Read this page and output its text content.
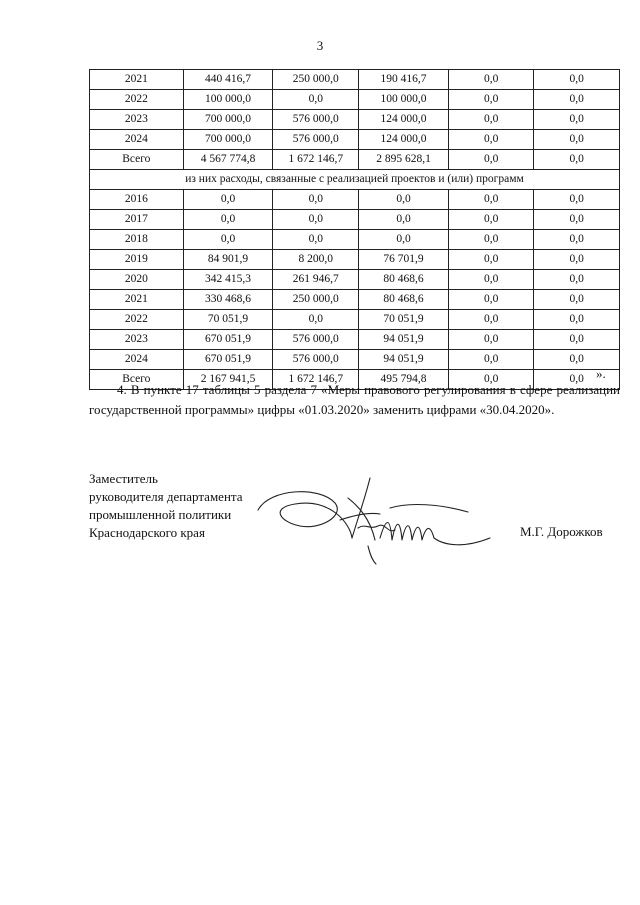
3
2021	440 416,7	250 000,0	190 416,7	0,0	0,0
2022	100 000,0	0,0	100 000,0	0,0	0,0
2023	700 000,0	576 000,0	124 000,0	0,0	0,0
2024	700 000,0	576 000,0	124 000,0	0,0	0,0
Всего	4 567 774,8	1 672 146,7	2 895 628,1	0,0	0,0
из них расходы, связанные с реализацией проектов и (или) программ					
2016	0,0	0,0	0,0	0,0	0,0
2017	0,0	0,0	0,0	0,0	0,0
2018	0,0	0,0	0,0	0,0	0,0
2019	84 901,9	8 200,0	76 701,9	0,0	0,0
2020	342 415,3	261 946,7	80 468,6	0,0	0,0
2021	330 468,6	250 000,0	80 468,6	0,0	0,0
2022	70 051,9	0,0	70 051,9	0,0	0,0
2023	670 051,9	576 000,0	94 051,9	0,0	0,0
2024	670 051,9	576 000,0	94 051,9	0,0	0,0
Всего	2 167 941,5	1 672 146,7	495 794,8	0,0	0,0 ».

4. В пункте 17 таблицы 5 раздела 7 «Меры правового регулирования в сфере реализации государственной программы» цифры «01.03.2020» заменить цифрами «30.04.2020».

Заместитель
руководителя департамента
промышленной политики
Краснодарского края	М.Г. Дорожков
